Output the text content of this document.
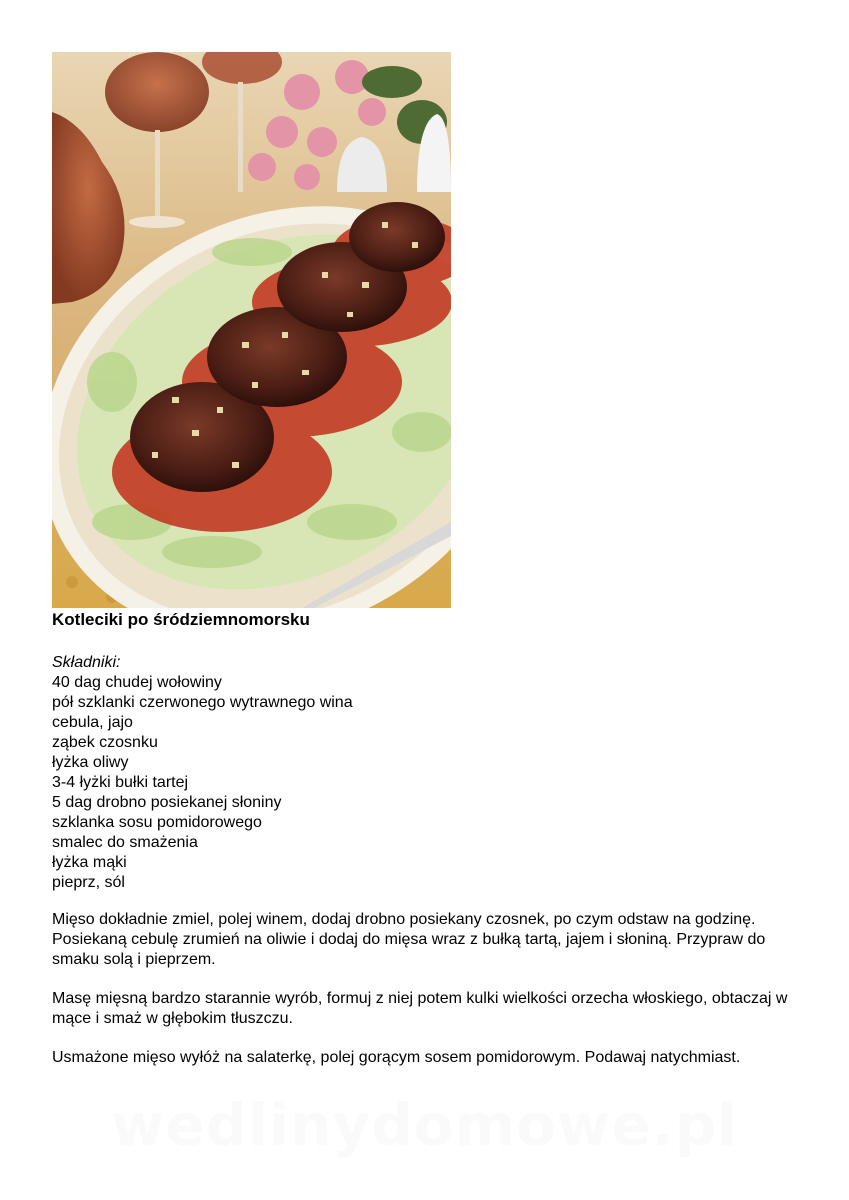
Kotleciki po śródziemnomorsku
Składniki:
40 dag chudej wołowiny
pół szklanki czerwonego wytrawnego wina
cebula, jajo
ząbek czosnku
łyżka oliwy
3-4 łyżki bułki tartej
5 dag drobno posiekanej słoniny
szklanka sosu pomidorowego
smalec do smażenia
łyżka mąki
pieprz, sól

Mięso dokładnie zmiel, polej winem, dodaj drobno posiekany czosnek, po czym odstaw na godzinę. Posiekaną cebulę zrumień na oliwie i dodaj do mięsa wraz z bułką tartą, jajem i słoniną. Przypraw do smaku solą i pieprzem.

Masę mięsną bardzo starannie wyrób, formuj z niej potem kulki wielkości orzecha włoskiego, obtaczaj w mące i smaż w głębokim tłuszczu.

Usmażone mięso wyłóż na salaterkę, polej gorącym sosem pomidorowym. Podawaj natychmiast.

wedlinydomowe.pl
